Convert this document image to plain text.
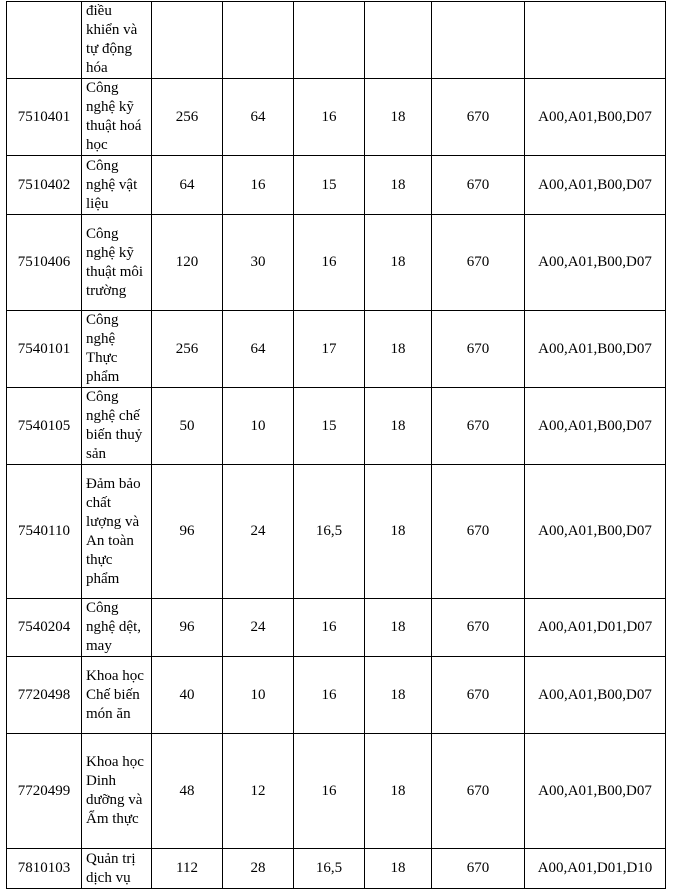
	điều khiển và tự động hóa						
7510401	Công nghệ kỹ thuật hoá học	256	64	16	18	670	A00,A01,B00,D07
7510402	Công nghệ vật liệu	64	16	15	18	670	A00,A01,B00,D07
7510406	Công nghệ kỹ thuật môi trường	120	30	16	18	670	A00,A01,B00,D07
7540101	Công nghệ Thực phẩm	256	64	17	18	670	A00,A01,B00,D07
7540105	Công nghệ chế biến thuỷ sản	50	10	15	18	670	A00,A01,B00,D07
7540110	Đảm bảo chất lượng và An toàn thực phẩm	96	24	16,5	18	670	A00,A01,B00,D07
7540204	Công nghệ dệt, may	96	24	16	18	670	A00,A01,D01,D07
7720498	Khoa học Chế biến món ăn	40	10	16	18	670	A00,A01,B00,D07
7720499	Khoa học Dinh dưỡng và Ẩm thực	48	12	16	18	670	A00,A01,B00,D07
7810103	Quản trị dịch vụ	112	28	16,5	18	670	A00,A01,D01,D10
